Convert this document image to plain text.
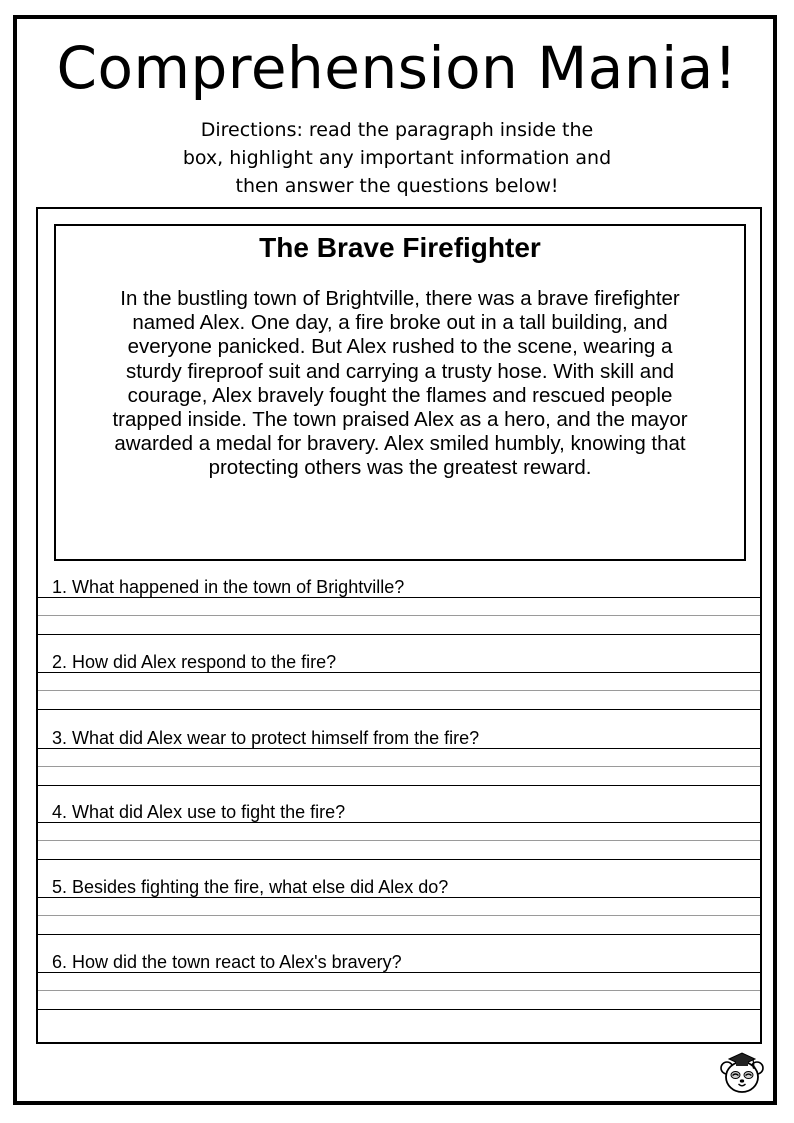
Comprehension Mania!
Directions: read the paragraph inside the
box, highlight any important information and
then answer the questions below!
The Brave Firefighter
In the bustling town of Brightville, there was a brave firefighter
named Alex. One day, a fire broke out in a tall building, and
everyone panicked. But Alex rushed to the scene, wearing a
sturdy fireproof suit and carrying a trusty hose. With skill and
courage, Alex bravely fought the flames and rescued people
trapped inside. The town praised Alex as a hero, and the mayor
awarded a medal for bravery. Alex smiled humbly, knowing that
protecting others was the greatest reward.
1. What happened in the town of Brightville?
2. How did Alex respond to the fire?
3. What did Alex wear to protect himself from the fire?
4. What did Alex use to fight the fire?
5. Besides fighting the fire, what else did Alex do?
6. How did the town react to Alex's bravery?
